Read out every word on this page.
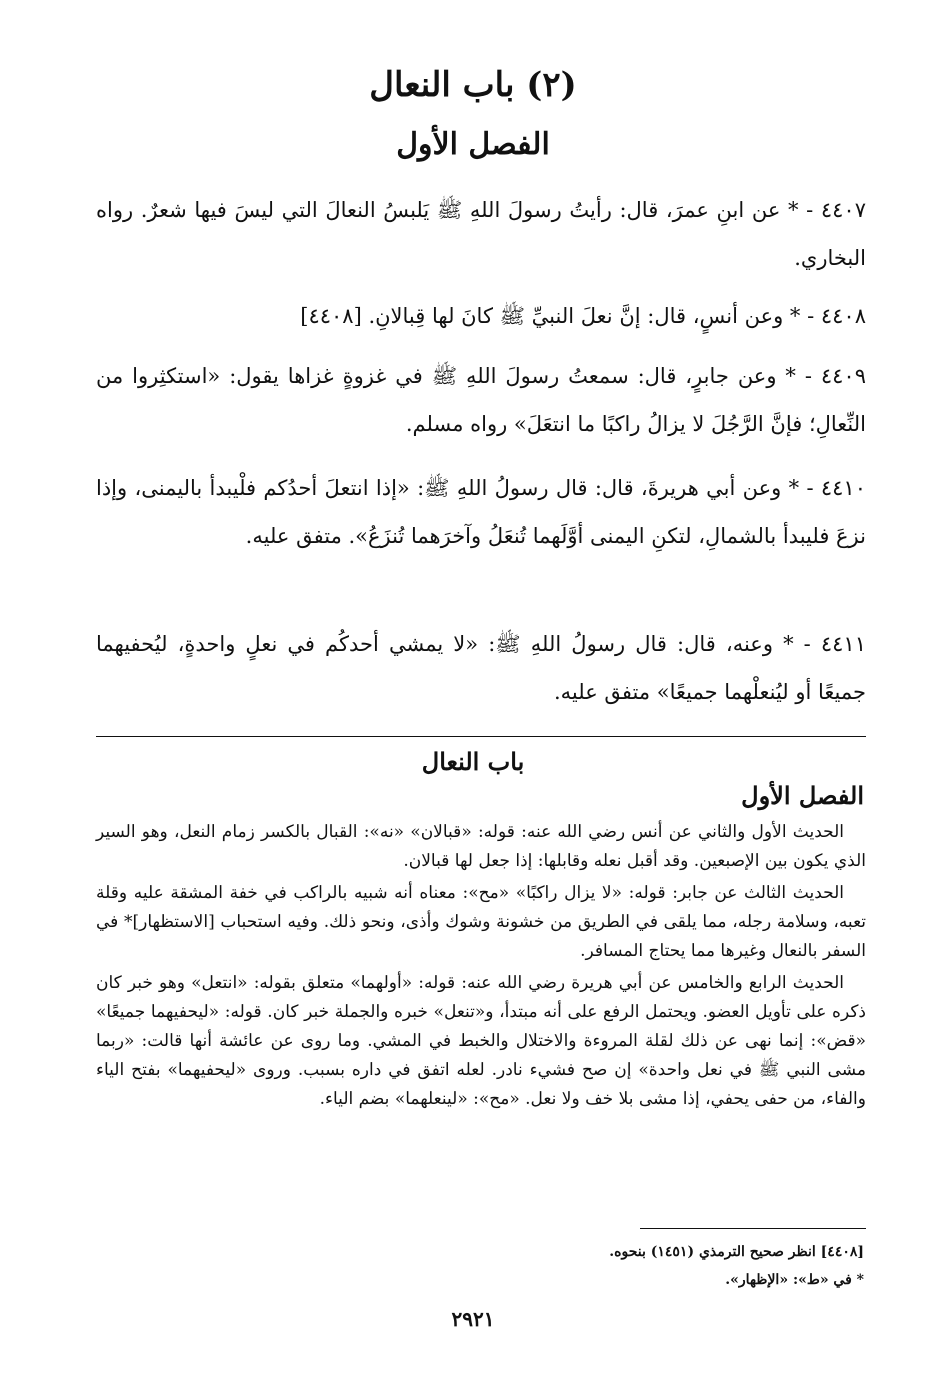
(٢) باب النعال
الفصل الأول
٤٤٠٧ - * عن ابنِ عمرَ، قال: رأيتُ رسولَ اللهِ ﷺ يَلبسُ النعالَ التي ليسَ فيها شعرٌ. رواه البخاري.
٤٤٠٨ - * وعن أنسٍ، قال: إنَّ نعلَ النبيِّ ﷺ كانَ لها قِبالانِ. [٤٤٠٨]
٤٤٠٩ - * وعن جابرٍ، قال: سمعتُ رسولَ اللهِ ﷺ في غزوةٍ غزاها يقول: «استكثِروا من النِّعالِ؛ فإنَّ الرَّجُلَ لا يزالُ راكبًا ما انتعَلَ» رواه مسلم.
٤٤١٠ - * وعن أبي هريرةَ، قال: قال رسولُ اللهِ ﷺ: «إذا انتعلَ أحدُكم فلْيبدأ باليمنى، وإذا نزعَ فليبدأ بالشمالِ، لتكنِ اليمنى أوَّلَهما تُنعَلُ وآخرَهما تُنزَعُ». متفق عليه.
٤٤١١ - * وعنه، قال: قال رسولُ اللهِ ﷺ: «لا يمشي أحدكُم في نعلٍ واحدةٍ، ليُحفيهما جميعًا أو ليُنعلْهما جميعًا» متفق عليه.
باب النعال
الفصل الأول

الحديث الأول والثاني عن أنس رضي الله عنه: قوله: «قبالان» «نه»: القبال بالكسر زمام النعل، وهو السير الذي يكون بين الإصبعين. وقد أقبل نعله وقابلها: إذا جعل لها قبالان.

الحديث الثالث عن جابر: قوله: «لا يزال راكبًا» «مح»: معناه أنه شبيه بالراكب في خفة المشقة عليه وقلة تعبه، وسلامة رجله، مما يلقى في الطريق من خشونة وشوك وأذى، ونحو ذلك. وفيه استحباب [الاستظهار]* في السفر بالنعال وغيرها مما يحتاج المسافر.

الحديث الرابع والخامس عن أبي هريرة رضي الله عنه: قوله: «أولهما» متعلق بقوله: «انتعل» وهو خبر كان ذكره على تأويل العضو. ويحتمل الرفع على أنه مبتدأ، و«تنعل» خبره والجملة خبر كان. قوله: «ليحفيهما جميعًا» «قض»: إنما نهى عن ذلك لقلة المروءة والاختلال والخبط في المشي. وما روى عن عائشة أنها قالت: «ربما مشى النبي ﷺ في نعل واحدة» إن صح فشيء نادر. لعله اتفق في داره بسبب. وروى «ليحفيهما» بفتح الياء والفاء، من حفى يحفي، إذا مشى بلا خف ولا نعل. «مح»: «لينعلهما» بضم الياء.

[٤٤٠٨] انظر صحيح الترمذي (١٤٥١) بنحوه.
* في «ط»: «الإظهار».
٢٩٢١
